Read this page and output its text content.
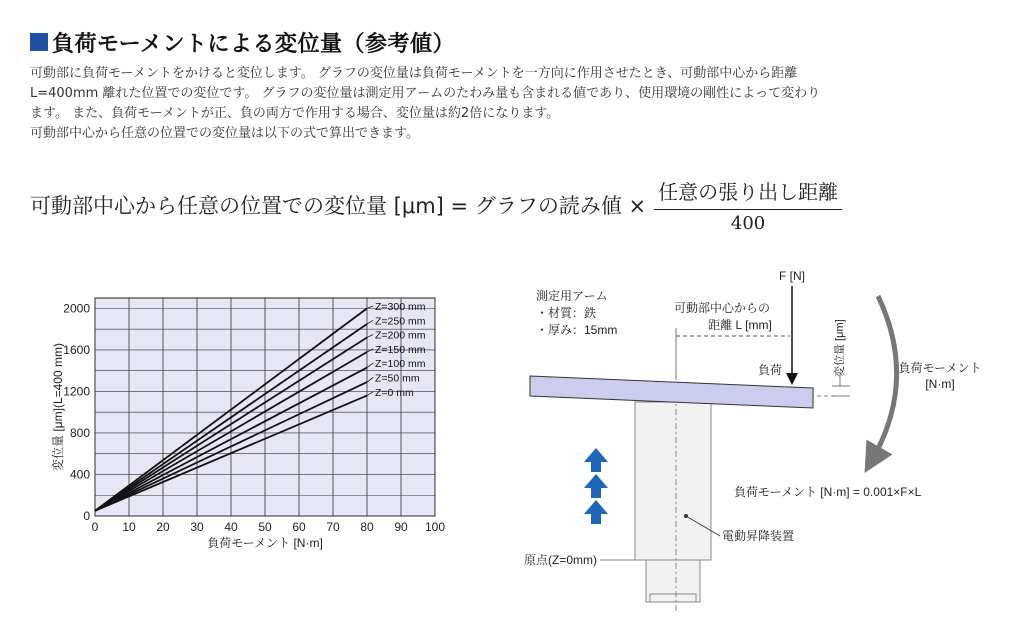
負荷モーメントによる変位量（参考値）

可動部に負荷モーメントをかけると変位します。 グラフの変位量は負荷モーメントを一方向に作用させたとき、可動部中心から距離

L=400mm 離れた位置での変位です。 グラフの変位量は測定用アームのたわみ量も含まれる値であり、使用環境の剛性によって変わり

ます。 また、負荷モーメントが正、負の両方で作用する場合、変位量は約2倍になります。

可動部中心から任意の位置での変位量は以下の式で算出できます。

可動部中心から任意の位置での変位量 [μm] = グラフの読み値 × $\frac{\text{任意の張り出し距離}}{400}$
0 10 20 30 40 50 60 70 80 90 100
0
400
800
1200
1600
2000	Z=300 mm
Z=250 mm
Z=200 mm
Z=150 mm
Z=100 mm
Z=50 mm
Z=0 mm
負荷モーメント [N·m]
変位量 [μm](L=400 mm)
F [N]
可動部中心からの
距離 L [mm]
負荷	変位量 [μm]	負荷モーメント
[N·m]
測定用アーム
・材質：鉄
・厚み：15mm
負荷モーメント [N·m] = 0.001×F×L
電動昇降装置
原点(Z=0mm)
